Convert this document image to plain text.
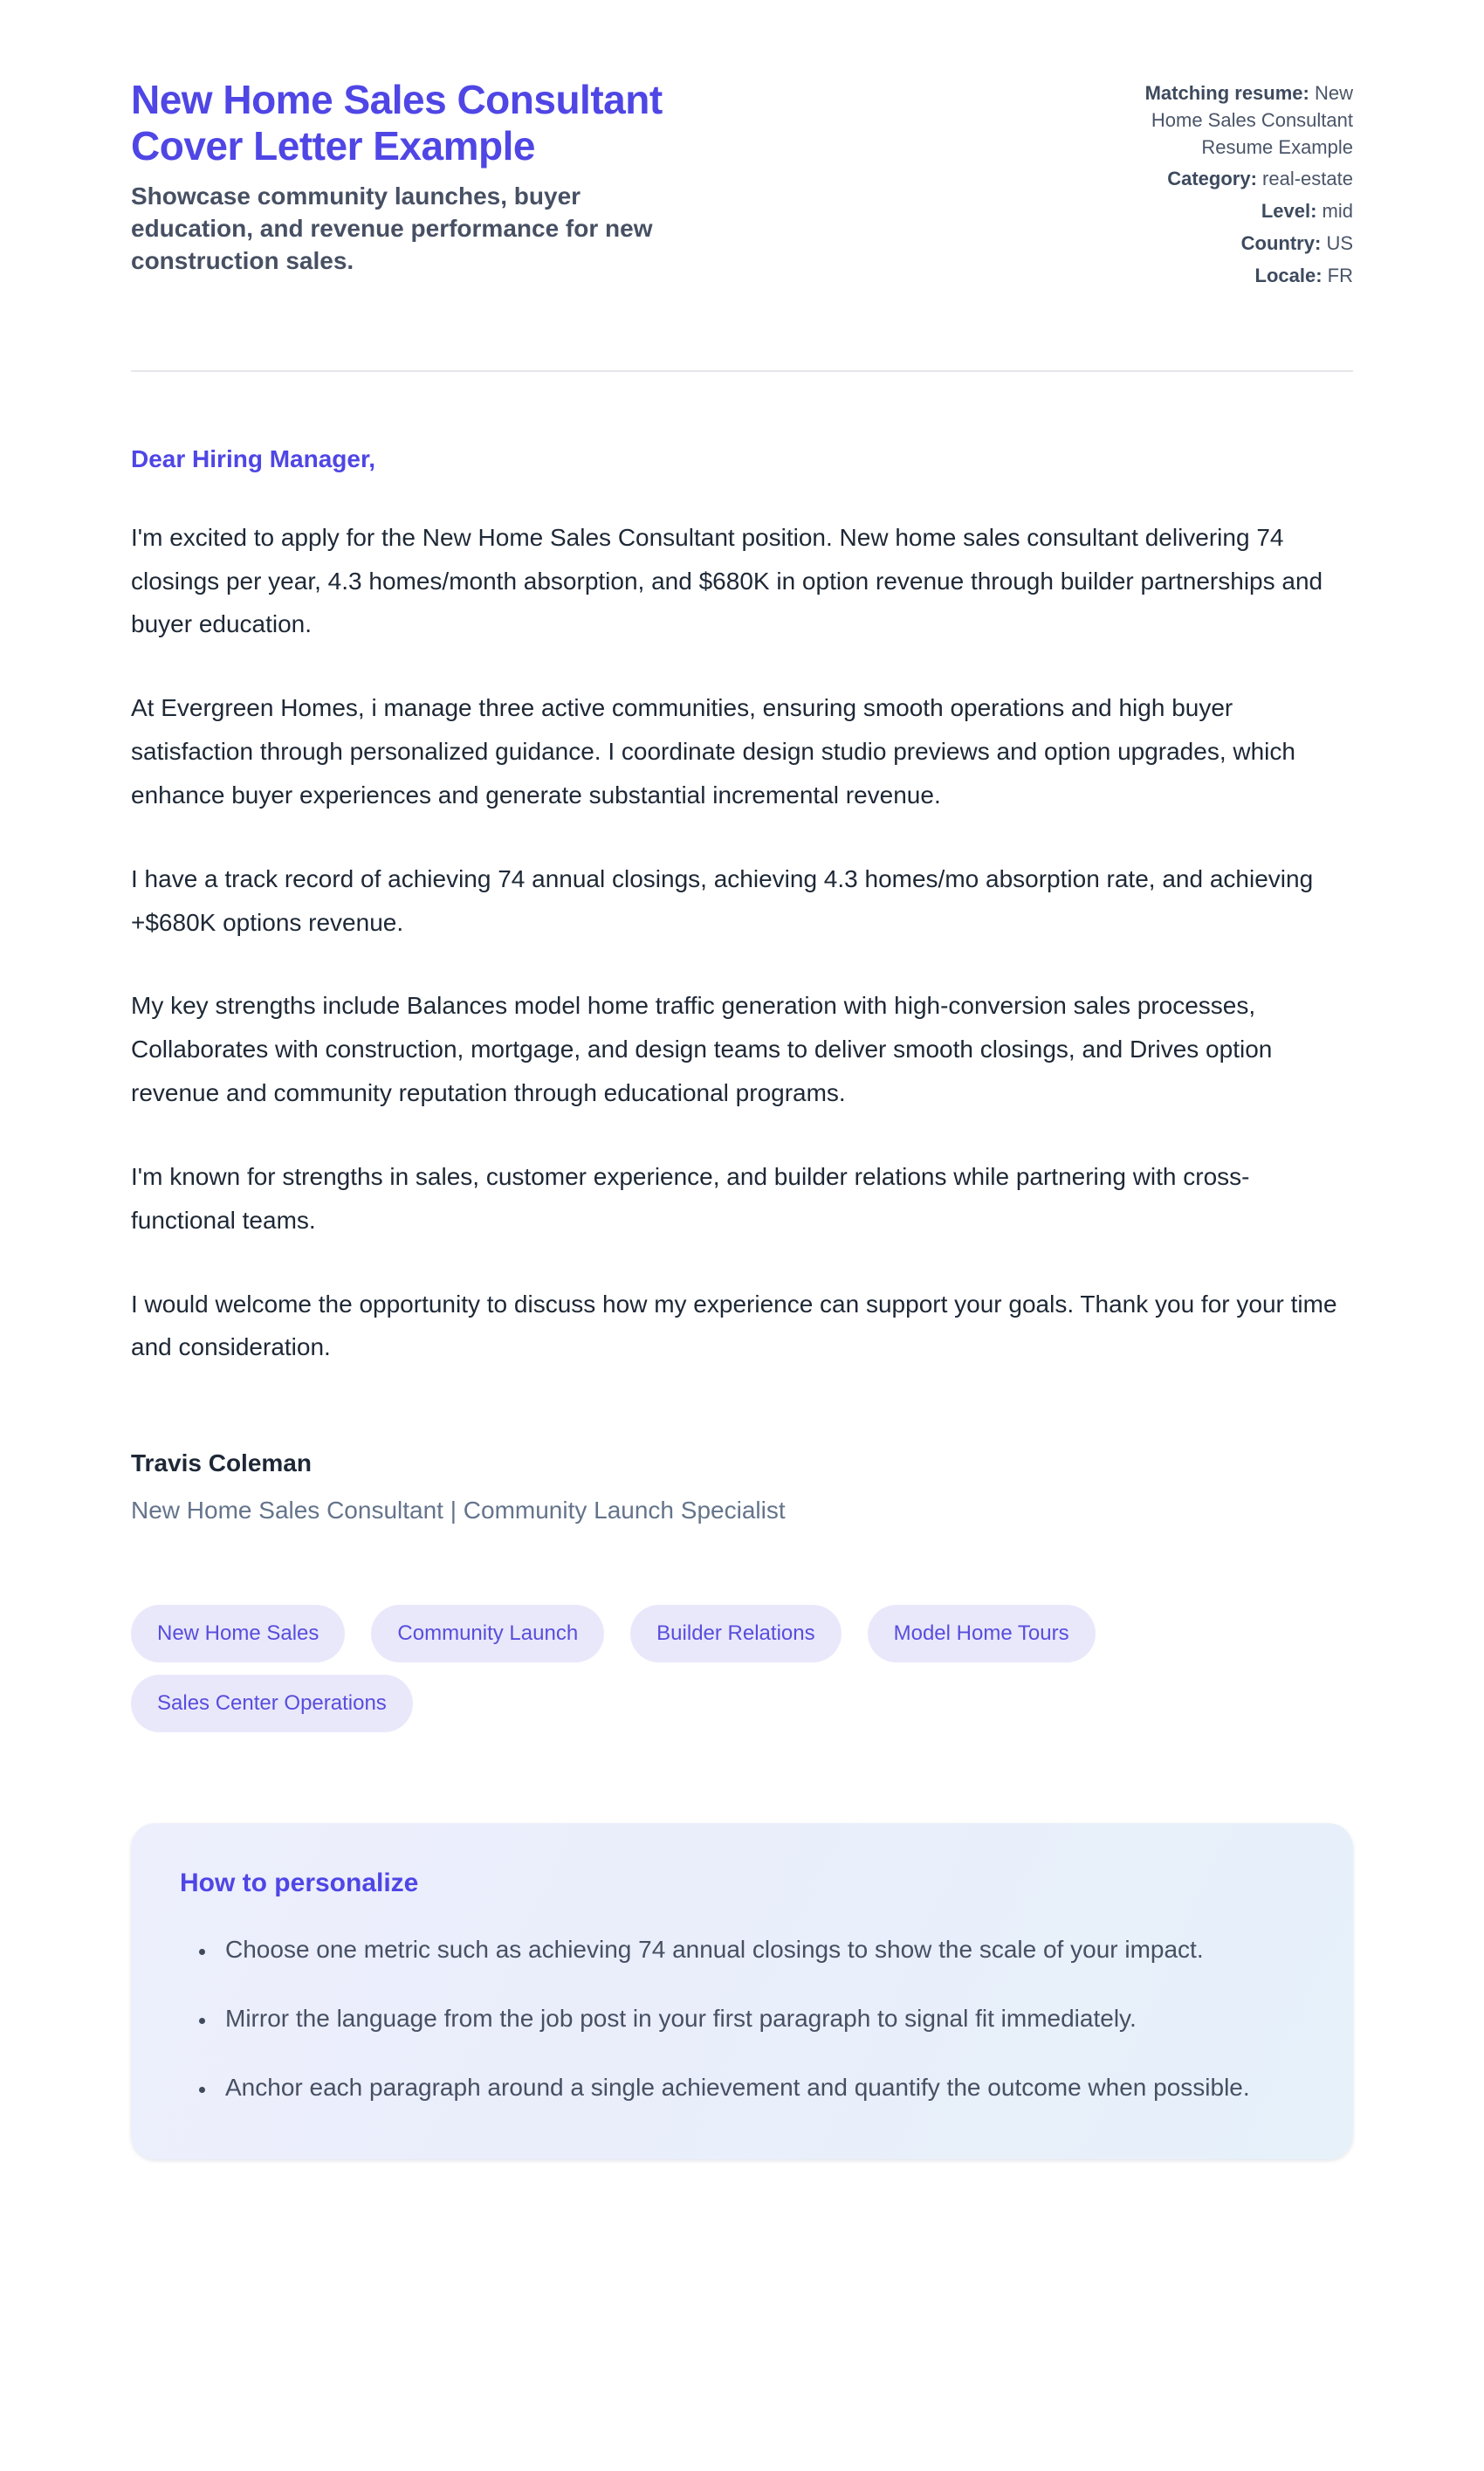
New Home Sales Consultant Cover Letter Example

Showcase community launches, buyer education, and revenue performance for new construction sales.

Matching resume: New Home Sales Consultant Resume Example
Category: real-estate
Level: mid
Country: US
Locale: FR

Dear Hiring Manager,

I'm excited to apply for the New Home Sales Consultant position. New home sales consultant delivering 74 closings per year, 4.3 homes/month absorption, and $680K in option revenue through builder partnerships and buyer education.

At Evergreen Homes, i manage three active communities, ensuring smooth operations and high buyer satisfaction through personalized guidance. I coordinate design studio previews and option upgrades, which enhance buyer experiences and generate substantial incremental revenue.

I have a track record of achieving 74 annual closings, achieving 4.3 homes/mo absorption rate, and achieving +$680K options revenue.

My key strengths include Balances model home traffic generation with high-conversion sales processes, Collaborates with construction, mortgage, and design teams to deliver smooth closings, and Drives option revenue and community reputation through educational programs.

I'm known for strengths in sales, customer experience, and builder relations while partnering with cross-functional teams.

I would welcome the opportunity to discuss how my experience can support your goals. Thank you for your time and consideration.

Travis Coleman

New Home Sales Consultant | Community Launch Specialist

New Home Sales	Community Launch	Builder Relations	Model Home Tours
Sales Center Operations
How to personalize
• Choose one metric such as achieving 74 annual closings to show the scale of your impact.
• Mirror the language from the job post in your first paragraph to signal fit immediately.
• Anchor each paragraph around a single achievement and quantify the outcome when possible.
